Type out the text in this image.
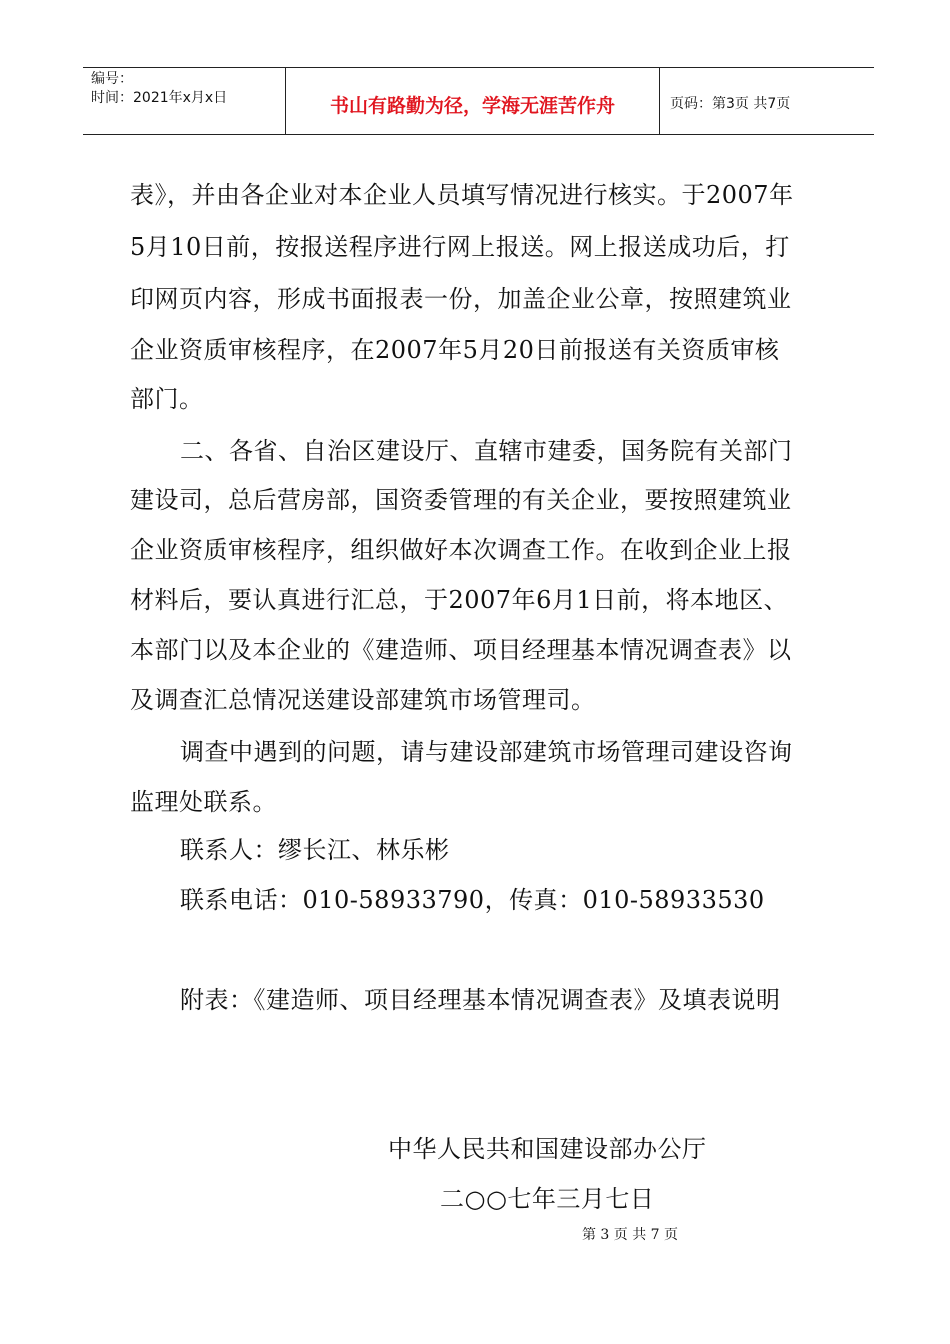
编号：
时间：2021年x月x日	书山有路勤为径，学海无涯苦作舟	页码：第3页 共7页
表》，并由各企业对本企业人员填写情况进行核实。于2007年
5月10日前，按报送程序进行网上报送。网上报送成功后，打
印网页内容，形成书面报表一份，加盖企业公章，按照建筑业
企业资质审核程序，在2007年5月20日前报送有关资质审核
部门。
二、各省、自治区建设厅、直辖市建委，国务院有关部门
建设司，总后营房部，国资委管理的有关企业，要按照建筑业
企业资质审核程序，组织做好本次调查工作。在收到企业上报
材料后，要认真进行汇总，于2007年6月1日前，将本地区、
本部门以及本企业的《建造师、项目经理基本情况调查表》以
及调查汇总情况送建设部建筑市场管理司。
调查中遇到的问题，请与建设部建筑市场管理司建设咨询
监理处联系。
联系人：缪长江、林乐彬
联系电话：010-58933790，传真：010-58933530
附表：《建造师、项目经理基本情况调查表》及填表说明
中华人民共和国建设部办公厅
二○○七年三月七日
第 3 页 共 7 页
